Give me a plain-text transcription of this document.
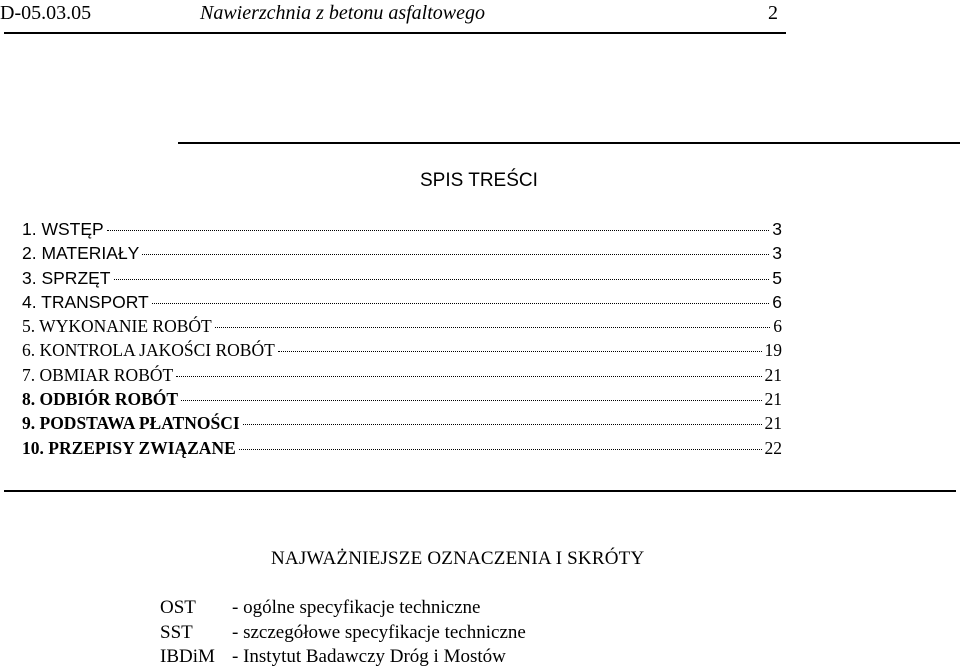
D-05.03.05	Nawierzchnia z betonu asfaltowego	2
SPIS TREŚCI
1. WSTĘP	3
2. MATERIAŁY	3
3. SPRZĘT	5
4. TRANSPORT	6
5. WYKONANIE ROBÓT	6
6. KONTROLA JAKOŚCI ROBÓT	19
7. OBMIAR ROBÓT	21
8. ODBIÓR ROBÓT	21
9. PODSTAWA PŁATNOŚCI	21
10. PRZEPISY ZWIĄZANE	22
NAJWAŻNIEJSZE OZNACZENIA I SKRÓTY
OST	- ogólne specyfikacje techniczne
SST	- szczegółowe specyfikacje techniczne
IBDiM - Instytut Badawczy Dróg i Mostów
